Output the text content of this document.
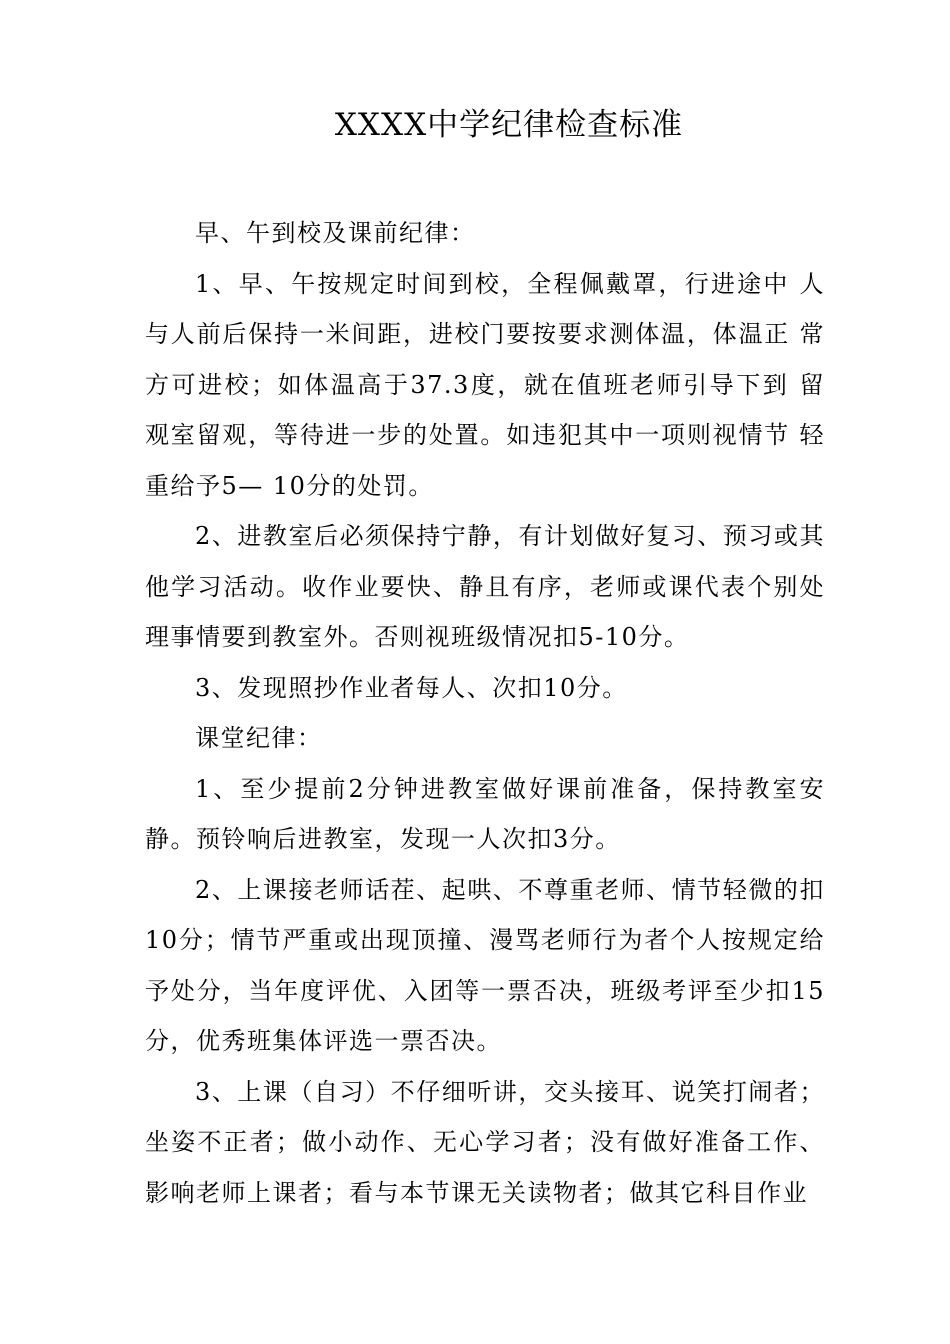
XXXX中学纪律检查标准

早、午到校及课前纪律：

1、早、午按规定时间到校，全程佩戴罩，行进途中 人与人前后保持一米间距，进校门要按要求测体温，体温正 常方可进校；如体温高于37.3度，就在值班老师引导下到 留观室留观，等待进一步的处置。如违犯其中一项则视情节 轻重给予5— 10分的处罚。

2、进教室后必须保持宁静，有计划做好复习、预习或其他学习活动。收作业要快、静且有序，老师或课代表个别处理事情要到教室外。否则视班级情况扣5-10分。

3、发现照抄作业者每人、次扣10分。

课堂纪律：

1、至少提前2分钟进教室做好课前准备，保持教室安静。预铃响后进教室，发现一人次扣3分。

2、上课接老师话茬、起哄、不尊重老师、情节轻微的扣10分；情节严重或出现顶撞、漫骂老师行为者个人按规定给予处分，当年度评优、入团等一票否决，班级考评至少扣15分，优秀班集体评选一票否决。

3、上课（自习）不仔细听讲，交头接耳、说笑打闹者；坐姿不正者；做小动作、无心学习者；没有做好准备工作、影响老师上课者；看与本节课无关读物者；做其它科目作业
